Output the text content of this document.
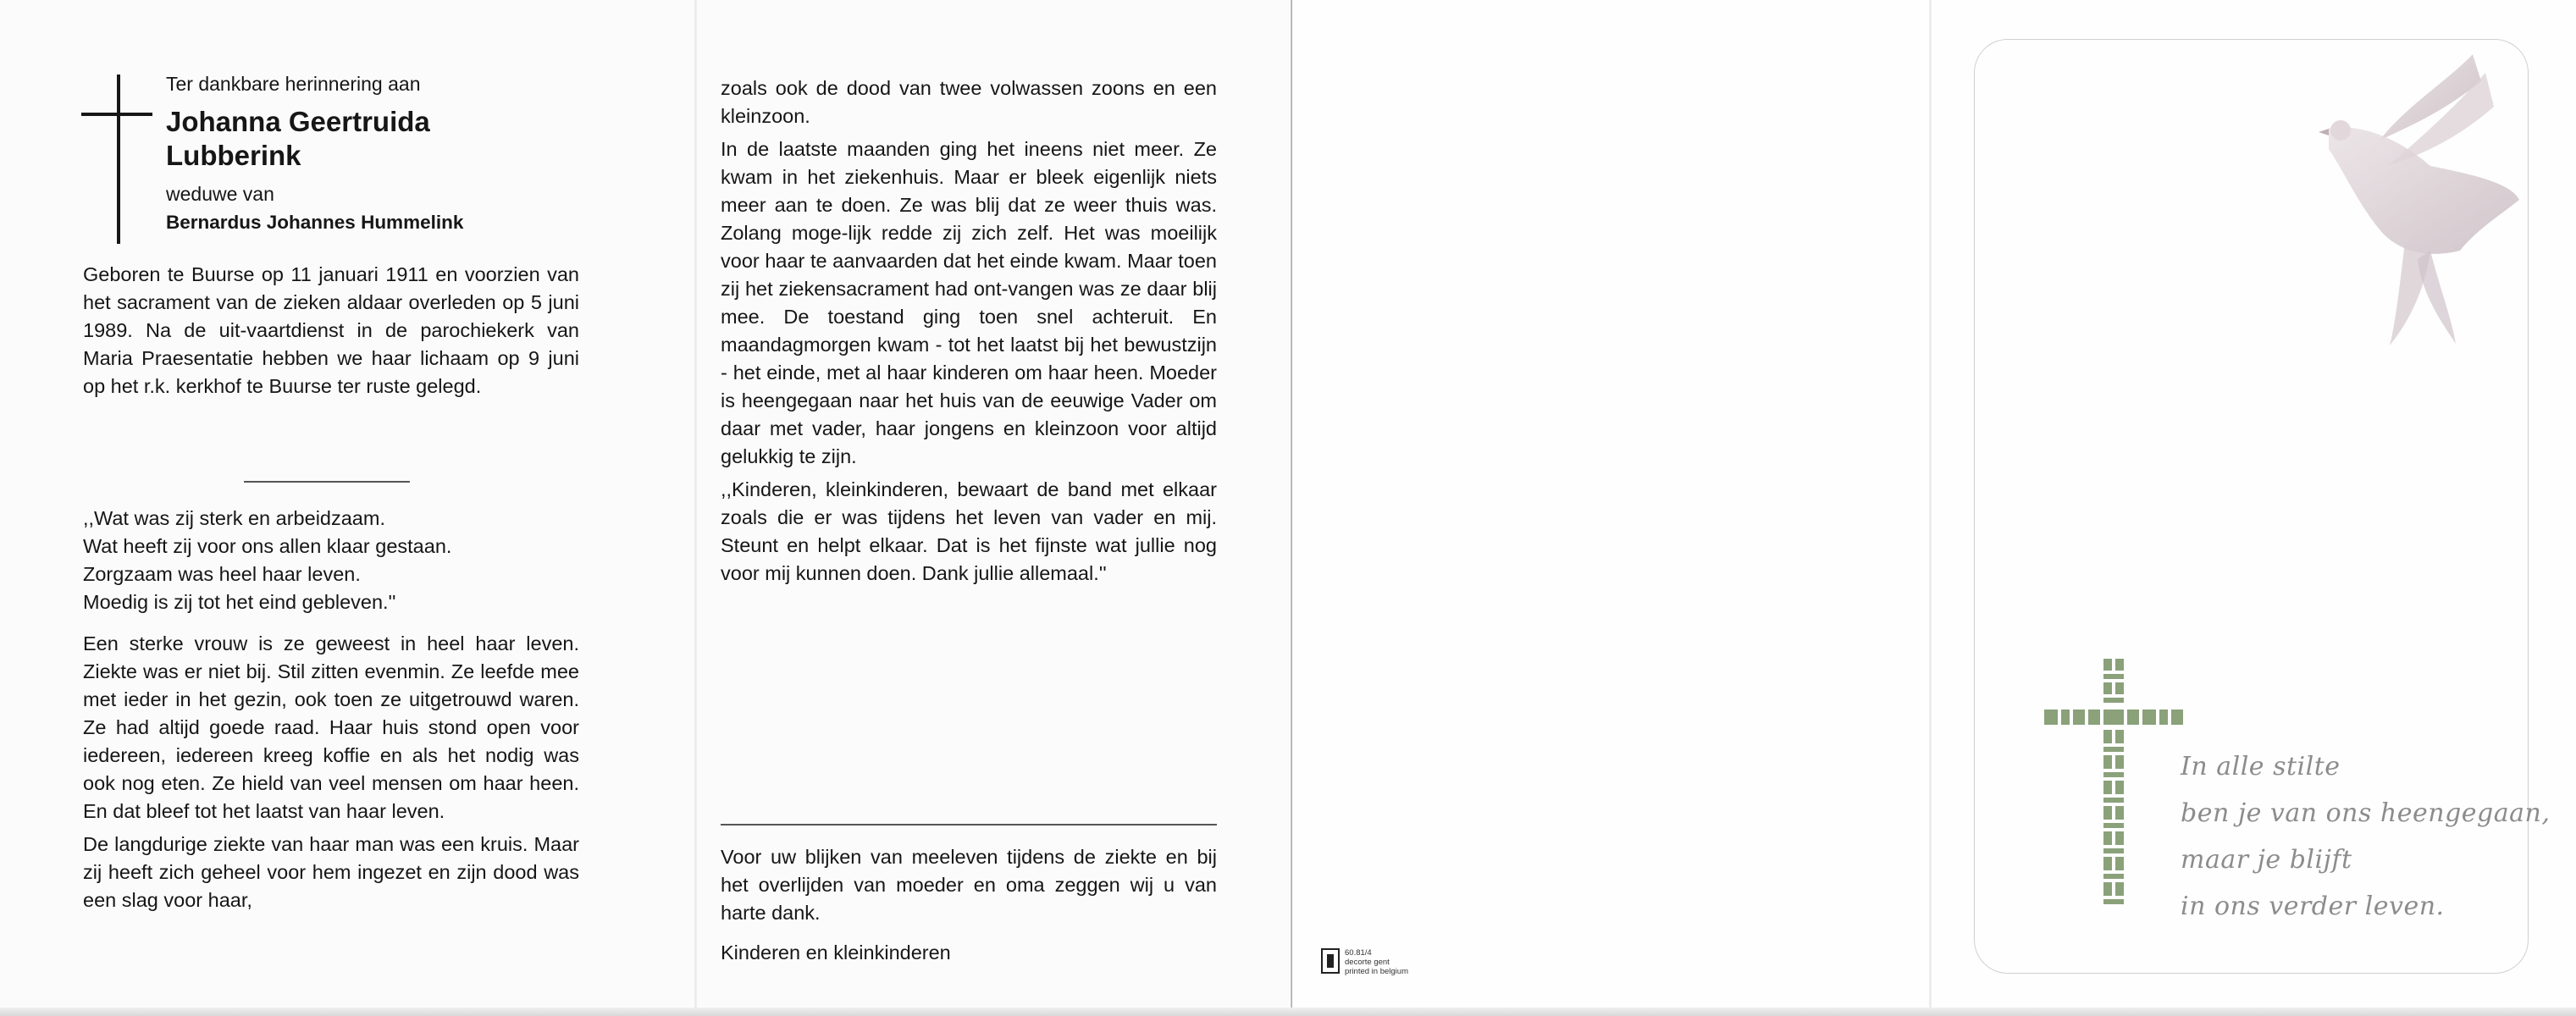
Ter dankbare herinnering aan
Johanna Geertruida
Lubberink
weduwe van
Bernardus Johannes Hummelink

Geboren te Buurse op 11 januari 1911 en voorzien van het sacrament van de zieken aldaar overleden op 5 juni 1989. Na de uit-vaartdienst in de parochiekerk van Maria Praesentatie hebben we haar lichaam op 9 juni op het r.k. kerkhof te Buurse ter ruste gelegd.

,,Wat was zij sterk en arbeidzaam.
Wat heeft zij voor ons allen klaar gestaan.
Zorgzaam was heel haar leven.
Moedig is zij tot het eind gebleven.''

Een sterke vrouw is ze geweest in heel haar leven. Ziekte was er niet bij. Stil zitten evenmin. Ze leefde mee met ieder in het gezin, ook toen ze uitgetrouwd waren. Ze had altijd goede raad. Haar huis stond open voor iedereen, iedereen kreeg koffie en als het nodig was ook nog eten. Ze hield van veel mensen om haar heen. En dat bleef tot het laatst van haar leven.

De langdurige ziekte van haar man was een kruis. Maar zij heeft zich geheel voor hem ingezet en zijn dood was een slag voor haar,

zoals ook de dood van twee volwassen zoons en een kleinzoon.

In de laatste maanden ging het ineens niet meer. Ze kwam in het ziekenhuis. Maar er bleek eigenlijk niets meer aan te doen. Ze was blij dat ze weer thuis was. Zolang moge-lijk redde zij zich zelf. Het was moeilijk voor haar te aanvaarden dat het einde kwam. Maar toen zij het ziekensacrament had ont-vangen was ze daar blij mee. De toestand ging toen snel achteruit. En maandagmorgen kwam - tot het laatst bij het bewustzijn - het einde, met al haar kinderen om haar heen. Moeder is heengegaan naar het huis van de eeuwige Vader om daar met vader, haar jongens en kleinzoon voor altijd gelukkig te zijn.

,,Kinderen, kleinkinderen, bewaart de band met elkaar zoals die er was tijdens het leven van vader en mij. Steunt en helpt elkaar. Dat is het fijnste wat jullie nog voor mij kunnen doen. Dank jullie allemaal.''

Voor uw blijken van meeleven tijdens de ziekte en bij het overlijden van moeder en oma zeggen wij u van harte dank.

Kinderen en kleinkinderen

In alle stilte
ben je van ons heengegaan,
maar je blijft
in ons verder leven.
60.81/4
decorte gent
printed in belgium
